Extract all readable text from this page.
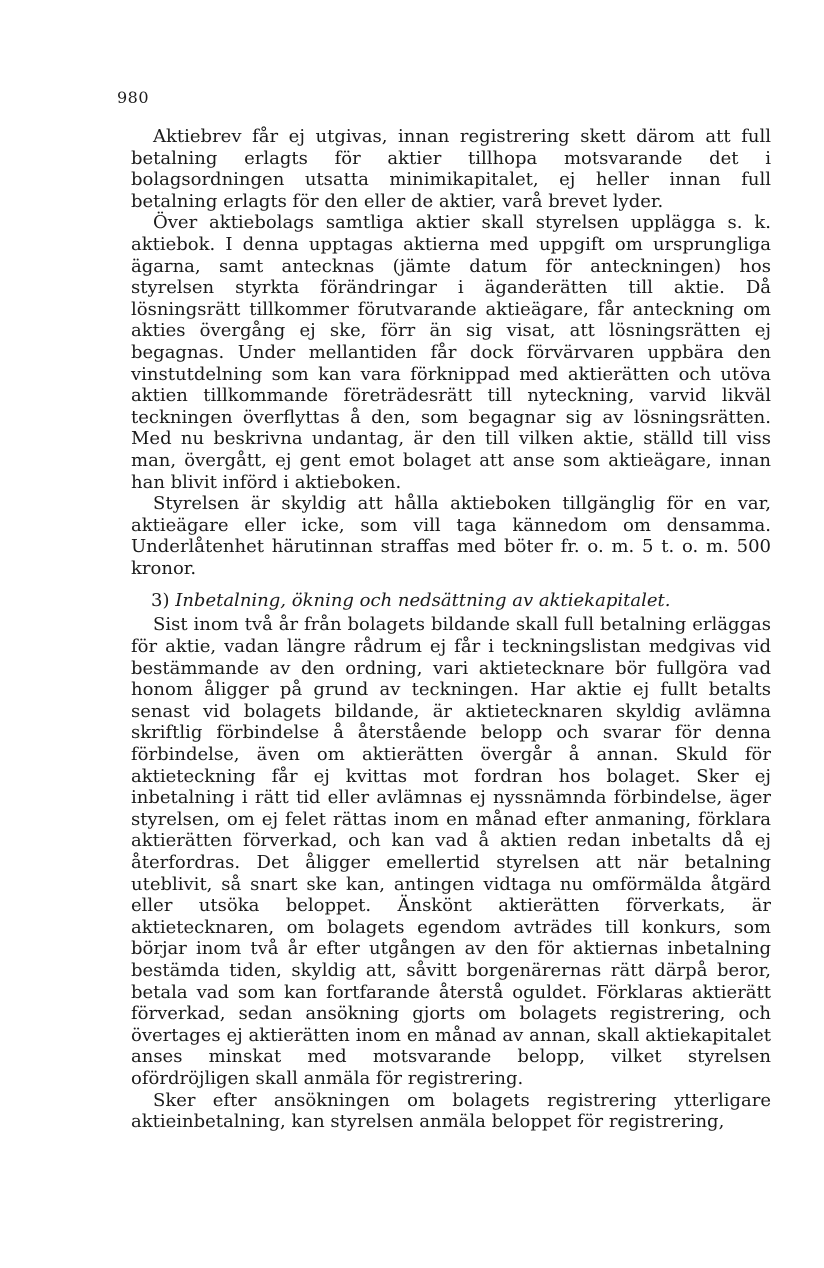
980

Aktiebrev får ej utgivas, innan registrering skett därom att full betalning erlagts för aktier tillhopa motsvarande det i bolagsordningen utsatta minimikapitalet, ej heller innan full betalning erlagts för den eller de aktier, varå brevet lyder.

Över aktiebolags samtliga aktier skall styrelsen upplägga s. k. aktiebok. I denna upptagas aktierna med uppgift om ursprungliga ägarna, samt antecknas (jämte datum för anteckningen) hos styrelsen styrkta förändringar i äganderätten till aktie. Då lösningsrätt tillkommer förutvarande aktieägare, får anteckning om akties övergång ej ske, förr än sig visat, att lösningsrätten ej begagnas. Under mellantiden får dock förvärvaren uppbära den vinstutdelning som kan vara förknippad med aktierätten och utöva aktien tillkommande företrädesrätt till nyteckning, varvid likväl teckningen överflyttas å den, som begagnar sig av lösningsrätten. Med nu beskrivna undantag, är den till vilken aktie, ställd till viss man, övergått, ej gent emot bolaget att anse som aktieägare, innan han blivit införd i aktieboken.

Styrelsen är skyldig att hålla aktieboken tillgänglig för en var, aktieägare eller icke, som vill taga kännedom om densamma. Underlåtenhet härutinnan straffas med böter fr. o. m. 5 t. o. m. 500 kronor.

3) Inbetalning, ökning och nedsättning av aktiekapitalet.

Sist inom två år från bolagets bildande skall full betalning erläggas för aktie, vadan längre rådrum ej får i teckningslistan medgivas vid bestämmande av den ordning, vari aktietecknare bör fullgöra vad honom åligger på grund av teckningen. Har aktie ej fullt betalts senast vid bolagets bildande, är aktietecknaren skyldig avlämna skriftlig förbindelse å återstående belopp och svarar för denna förbindelse, även om aktierätten övergår å annan. Skuld för aktieteckning får ej kvittas mot fordran hos bolaget. Sker ej inbetalning i rätt tid eller avlämnas ej nyssnämnda förbindelse, äger styrelsen, om ej felet rättas inom en månad efter anmaning, förklara aktierätten förverkad, och kan vad å aktien redan inbetalts då ej återfordras. Det åligger emellertid styrelsen att när betalning uteblivit, så snart ske kan, antingen vidtaga nu omförmälda åtgärd eller utsöka beloppet. Änskönt aktierätten förverkats, är aktietecknaren, om bolagets egendom avträdes till konkurs, som börjar inom två år efter utgången av den för aktiernas inbetalning bestämda tiden, skyldig att, såvitt borgenärernas rätt därpå beror, betala vad som kan fortfarande återstå oguldet. Förklaras aktierätt förverkad, sedan ansökning gjorts om bolagets registrering, och övertages ej aktierätten inom en månad av annan, skall aktiekapitalet anses minskat med motsvarande belopp, vilket styrelsen ofördröjligen skall anmäla för registrering.

Sker efter ansökningen om bolagets registrering ytterligare aktieinbetalning, kan styrelsen anmäla beloppet för registrering,
